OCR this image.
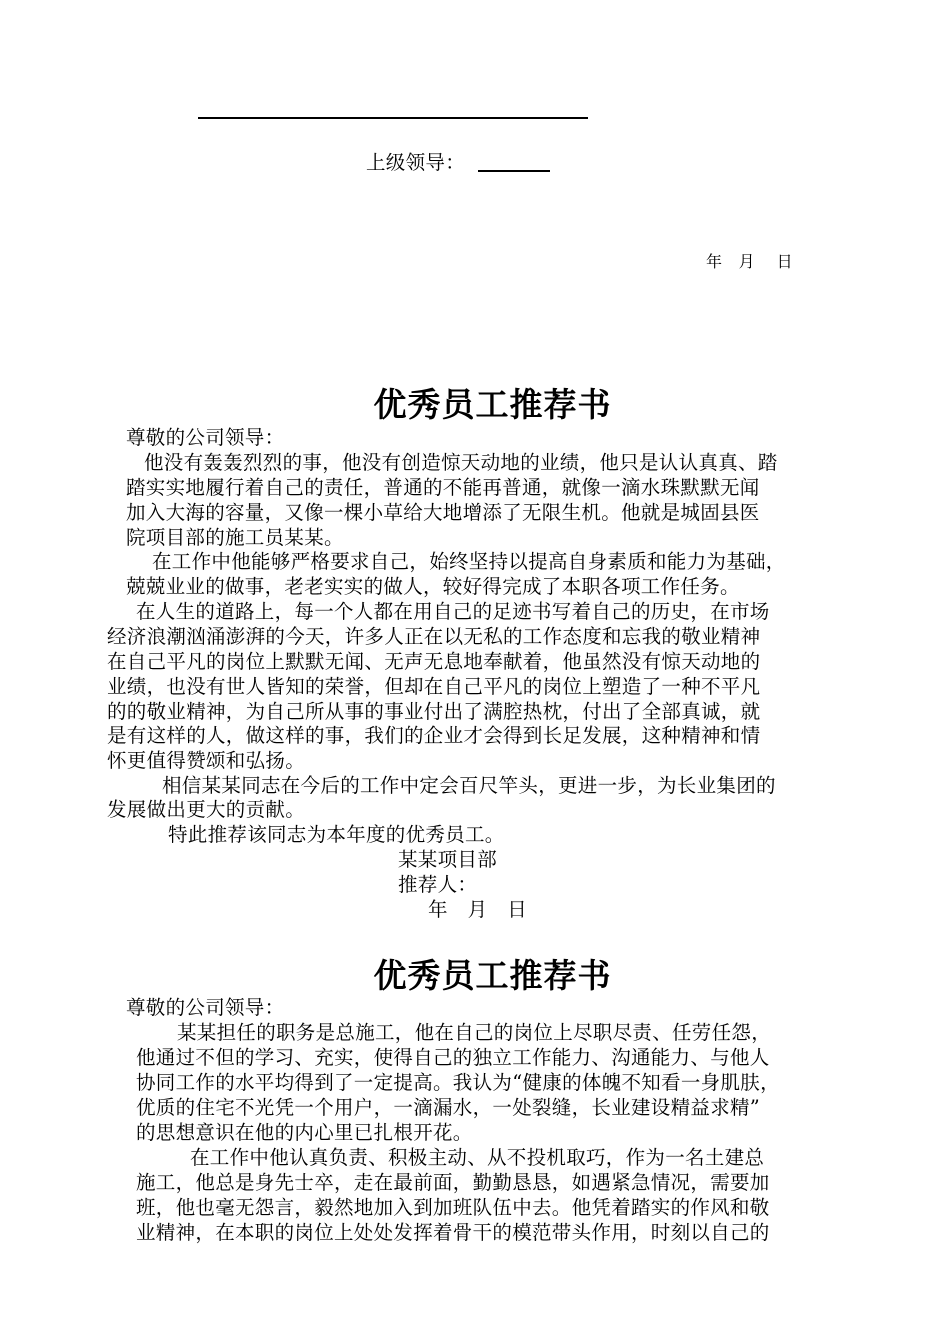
上级领导：
年　月　 日
优秀员工推荐书
尊敬的公司领导：
他没有轰轰烈烈的事，他没有创造惊天动地的业绩，他只是认认真真、踏
踏实实地履行着自己的责任，普通的不能再普通，就像一滴水珠默默无闻
加入大海的容量，又像一棵小草给大地增添了无限生机。他就是城固县医
院项目部的施工员某某。
在工作中他能够严格要求自己，始终坚持以提高自身素质和能力为基础，
兢兢业业的做事，老老实实的做人，较好得完成了本职各项工作任务。
在人生的道路上，每一个人都在用自己的足迹书写着自己的历史，在市场
经济浪潮汹涌澎湃的今天，许多人正在以无私的工作态度和忘我的敬业精神
在自己平凡的岗位上默默无闻、无声无息地奉献着，他虽然没有惊天动地的
业绩，也没有世人皆知的荣誉，但却在自己平凡的岗位上塑造了一种不平凡
的的敬业精神，为自己所从事的事业付出了满腔热枕，付出了全部真诚，就
是有这样的人，做这样的事，我们的企业才会得到长足发展，这种精神和情
怀更值得赞颂和弘扬。
相信某某同志在今后的工作中定会百尺竿头，更进一步，为长业集团的
发展做出更大的贡献。
特此推荐该同志为本年度的优秀员工。
某某项目部
推荐人：
年　月　日
优秀员工推荐书
尊敬的公司领导：
某某担任的职务是总施工，他在自己的岗位上尽职尽责、任劳任怨，
他通过不但的学习、充实，使得自己的独立工作能力、沟通能力、与他人
协同工作的水平均得到了一定提高。我认为“健康的体魄不知看一身肌肤，
优质的住宅不光凭一个用户，一滴漏水，一处裂缝，长业建设精益求精”
的思想意识在他的内心里已扎根开花。
在工作中他认真负责、积极主动、从不投机取巧，作为一名土建总
施工，他总是身先士卒，走在最前面，勤勤恳恳，如遇紧急情况，需要加
班，他也毫无怨言，毅然地加入到加班队伍中去。他凭着踏实的作风和敬
业精神，在本职的岗位上处处发挥着骨干的模范带头作用，时刻以自己的
